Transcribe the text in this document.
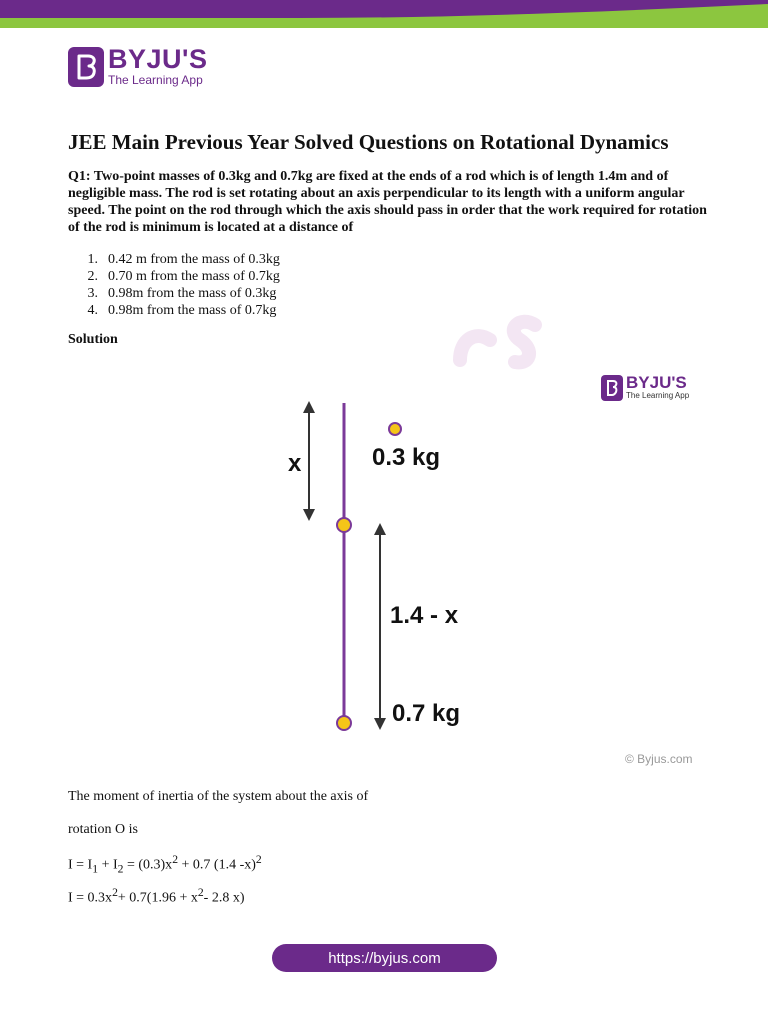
BYJU'S
The Learning App
JEE Main Previous Year Solved Questions on Rotational Dynamics

Q1: Two-point masses of 0.3kg and 0.7kg are fixed at the ends of a rod which is of length 1.4m and of negligible mass. The rod is set rotating about an axis perpendicular to its length with a uniform angular speed. The point on the rod through which the axis should pass in order that the work required for rotation of the rod is minimum is located at a distance of

1. 0.42 m from the mass of 0.3kg
2. 0.70 m from the mass of 0.7kg
3. 0.98m from the mass of 0.3kg
4. 0.98m from the mass of 0.7kg
Solution
BYJU'S
The Learning App
x	0.3 kg
1.4 - x
0.7 kg
© Byjus.com

The moment of inertia of the system about the axis of

rotation O is

$I = I_1 + I_2 = (0.3)x^2 + 0.7$ (1.4 -x)$^2$

$I = 0.3x^2+ 0.7(1.96 + x^2-$ 2.8 x)

https://byjus.com
